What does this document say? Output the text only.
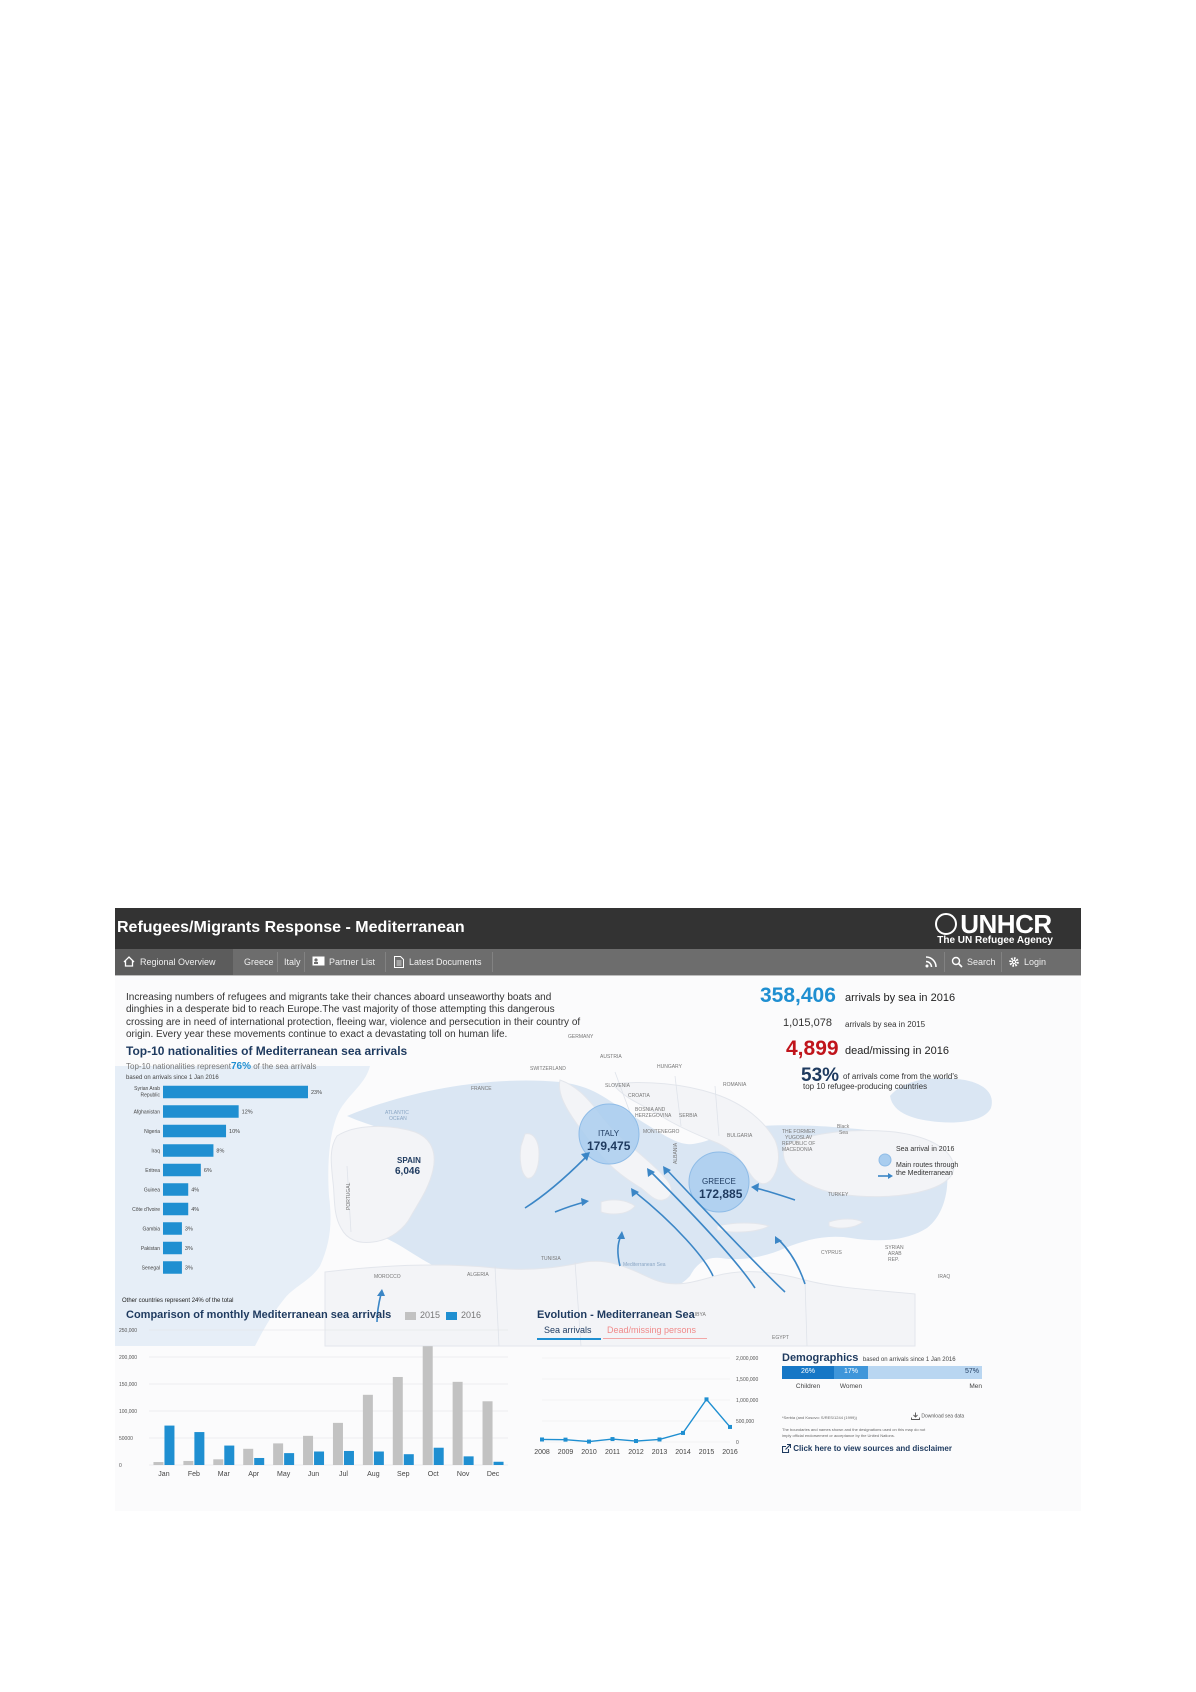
Refugees/Migrants Response - Mediterranean	UNHCR
The UN Refugee Agency
Regional Overview	Greece Italy	Partner List	Latest Documents	Search	Login
ITALY
179,475
GREECE
172,885
SPAIN
6,046
GERMANY
AUSTRIA
HUNGARY
SWITZERLAND
FRANCE	SLOVENIA
CROATIA
ROMANIA
BOSNIA AND
HERZEGOVINA SERBIA
MONTENEGRO
BULGARIA
THE FORMER
YUGOSLAV
REPUBLIC OF
MACEDONIA
Black
Sea
ALBANIA
TURKEY
CYPRUS
SYRIAN
ARAB
REP.
IRAQ
ATLANTIC
OCEAN
PORTUGAL
MOROCCO	ALGERIA
TUNISIA
Mediterranean Sea
LIBYA
EGYPT
Sea arrival in 2016
Main routes through
the Mediterranean
Increasing numbers of refugees and migrants take their chances aboard unseaworthy boats and dinghies in a desperate bid to reach Europe.The vast majority of those attempting this dangerous crossing are in need of international protection, fleeing war, violence and persecution in their country of origin. Every year these movements continue to exact a devastating toll on human life.
358,406 arrivals by sea in 2016
1,015,078 arrivals by sea in 2015
4,899 dead/missing in 2016
53% of arrivals come from the world's
top 10 refugee-producing countries
Top-10 nationalities of Mediterranean sea arrivals
Top-10 nationalities represent76% of the sea arrivals
based on arrivals since 1 Jan 2016
Syrian Arab
Republic	23%
Afghanistan	12%
Nigeria	10%
Iraq	8%
Eritrea	6%
Guinea	4%
Côte d'Ivoire	4%
Gambia	3%
Pakistan	3%
Senegal	3%
Other countries represent 24% of the total
Comparison of monthly Mediterranean sea arrivals	2015 2016
0
50000
100,000
150,000
200,000
250,000
Jan	Feb	Mar	Apr	May	Jun	Jul	Aug Sep	Oct	Nov Dec
Evolution - Mediterranean Sea
Sea arrivals Dead/missing persons
0
500,000
1,000,000
1,500,000
2,000,000
2008 2009 2010 2011 2012 2013 2014 2015 2016
Demographics based on arrivals since 1 Jan 2016
26%	17%	57%
Children	Women	Men
*Serbia (and Kosovo: S/RES/1244 (1999))	Download sea data
The boundaries and names shown and the designations used on this map do not
imply official endorsement or acceptance by the United Nations.
Click here to view sources and disclaimer
